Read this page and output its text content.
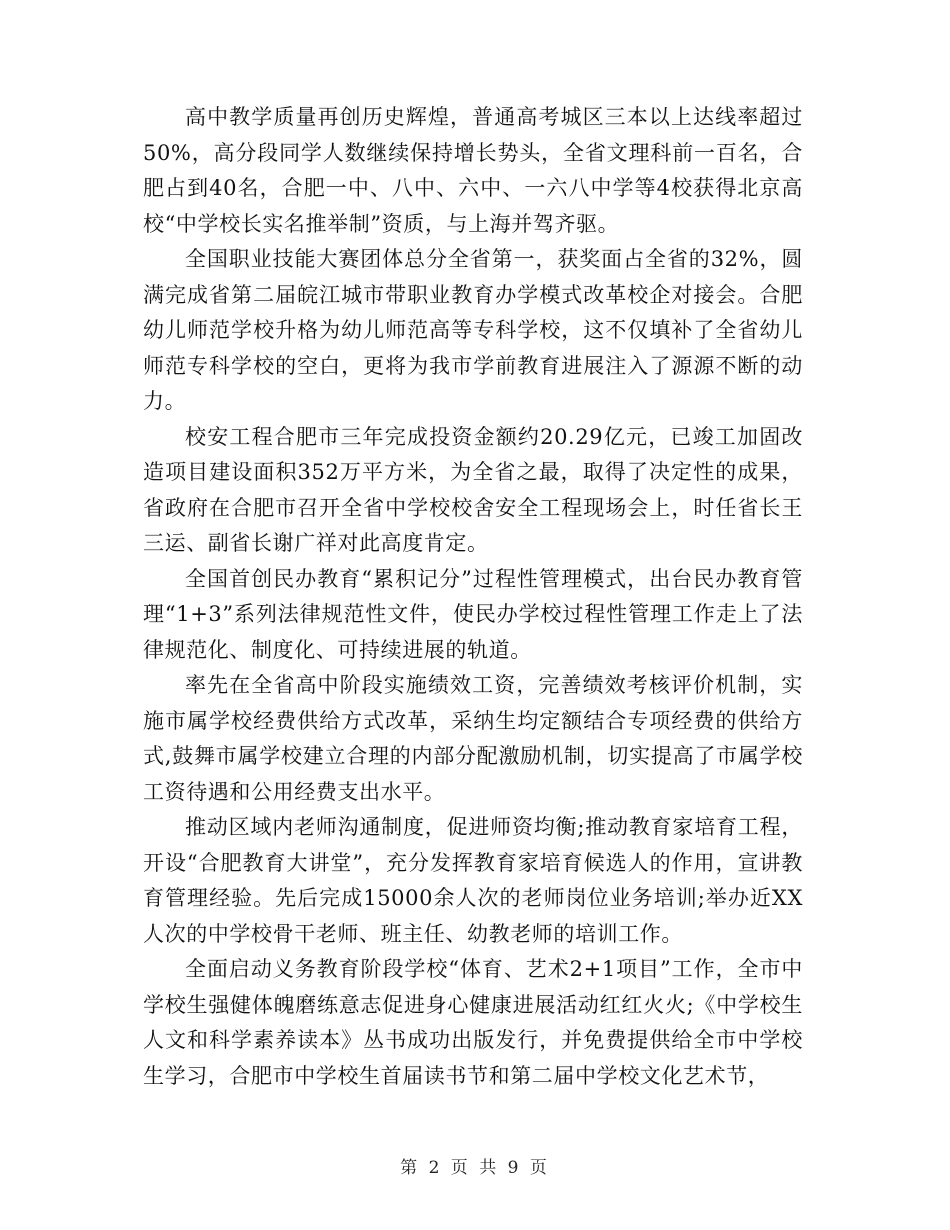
高中教学质量再创历史辉煌，普通高考城区三本以上达线率超过50%，高分段同学人数继续保持增长势头，全省文理科前一百名，合肥占到40名，合肥一中、八中、六中、一六八中学等4校获得北京高校“中学校长实名推举制”资质，与上海并驾齐驱。

全国职业技能大赛团体总分全省第一，获奖面占全省的32%，圆满完成省第二届皖江城市带职业教育办学模式改革校企对接会。合肥幼儿师范学校升格为幼儿师范高等专科学校，这不仅填补了全省幼儿师范专科学校的空白，更将为我市学前教育进展注入了源源不断的动力。

校安工程合肥市三年完成投资金额约20.29亿元，已竣工加固改造项目建设面积352万平方米，为全省之最，取得了决定性的成果，省政府在合肥市召开全省中学校校舍安全工程现场会上，时任省长王三运、副省长谢广祥对此高度肯定。

全国首创民办教育“累积记分”过程性管理模式，出台民办教育管理“1+3”系列法律规范性文件，使民办学校过程性管理工作走上了法律规范化、制度化、可持续进展的轨道。

率先在全省高中阶段实施绩效工资，完善绩效考核评价机制，实施市属学校经费供给方式改革，采纳生均定额结合专项经费的供给方式,鼓舞市属学校建立合理的内部分配激励机制，切实提高了市属学校工资待遇和公用经费支出水平。

推动区域内老师沟通制度，促进师资均衡;推动教育家培育工程，开设“合肥教育大讲堂”，充分发挥教育家培育候选人的作用，宣讲教育管理经验。先后完成15000余人次的老师岗位业务培训;举办近XX人次的中学校骨干老师、班主任、幼教老师的培训工作。

全面启动义务教育阶段学校“体育、艺术2+1项目”工作，全市中学校生强健体魄磨练意志促进身心健康进展活动红红火火;《中学校生人文和科学素养读本》丛书成功出版发行，并免费提供给全市中学校生学习，合肥市中学校生首届读书节和第二届中学校文化艺术节，

第 2 页 共 9 页
